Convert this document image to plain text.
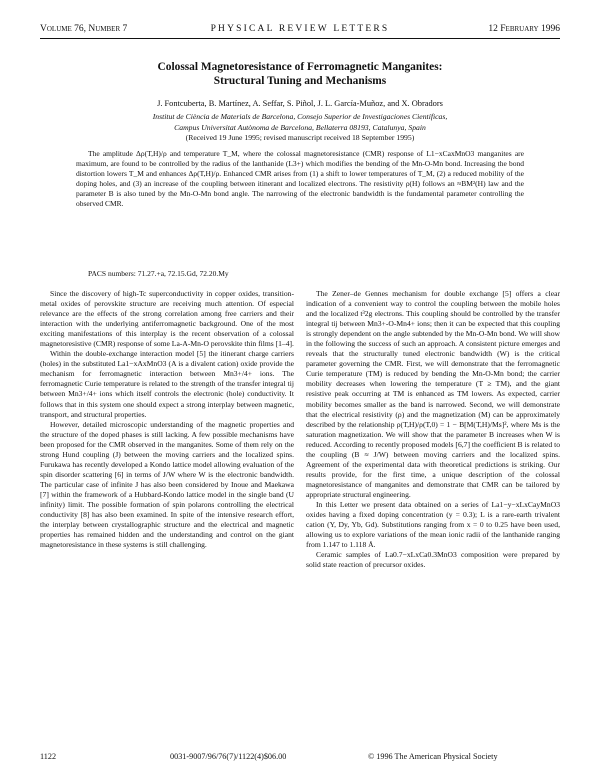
Volume 76, Number 7	PHYSICAL REVIEW LETTERS	12 February 1996
Colossal Magnetoresistance of Ferromagnetic Manganites:
Structural Tuning and Mechanisms
J. Fontcuberta, B. Martínez, A. Seffar, S. Piñol, J. L. García-Muñoz, and X. Obradors
Institut de Ciència de Materials de Barcelona, Consejo Superior de Investigaciones Científicas,
Campus Universitat Autònoma de Barcelona, Bellaterra 08193, Catalunya, Spain
(Received 19 June 1995; revised manuscript received 18 September 1995)
The amplitude Δρ(T,H)/ρ and temperature T_M, where the colossal magnetoresistance (CMR) response of L1−xCaxMnO3 manganites are maximum, are found to be controlled by the radius of the lanthanide (L3+) which modifies the bending of the Mn-O-Mn bond. Increasing the bond distortion lowers T_M and enhances Δρ(T,H)/ρ. Enhanced CMR arises from (1) a shift to lower temperatures of T_M, (2) a reduced mobility of the doping holes, and (3) an increase of the coupling between itinerant and localized electrons. The resistivity ρ(H) follows an ≈BM²(H) law and the parameter B is also tuned by the Mn-O-Mn bond angle. The narrowing of the electronic bandwidth is the fundamental parameter controlling the observed CMR.
PACS numbers: 71.27.+a, 72.15.Gd, 72.20.My

Since the discovery of high-Tc superconductivity in copper oxides, transition-metal oxides of perovskite structure are receiving much attention. Of especial relevance are the effects of the strong correlation among free carriers and their interaction with the underlying antiferromagnetic background. One of the most exciting manifestations of this interplay is the recent observation of a colossal magnetoresistive (CMR) response of some La-A-Mn-O perovskite thin films [1–4].

Within the double-exchange interaction model [5] the itinerant charge carriers (holes) in the substituted La1−xAxMnO3 (A is a divalent cation) oxide provide the mechanism for ferromagnetic interaction between Mn3+/4+ ions. The ferromagnetic Curie temperature is related to the strength of the transfer integral tij between Mn3+/4+ ions which itself controls the electronic (hole) conductivity. It follows that in this system one should expect a strong interplay between magnetic, transport, and structural properties.

However, detailed microscopic understanding of the magnetic properties and the structure of the doped phases is still lacking. A few possible mechanisms have been proposed for the CMR observed in the manganites. Some of them rely on the strong Hund coupling (J) between the moving carriers and the localized spins. Furukawa has recently developed a Kondo lattice model allowing evaluation of the spin disorder scattering [6] in terms of J/W where W is the electronic bandwidth. The particular case of infinite J has also been considered by Inoue and Maekawa [7] within the framework of a Hubbard-Kondo lattice model in the single band (U infinity) limit. The possible formation of spin polarons controlling the electrical conductivity [8] has also been examined. In spite of the intensive research effort, the interplay between crystallographic structure and the electrical and magnetic properties has remained hidden and the understanding and control on the giant magnetoresistance in these systems is still challenging.

The Zener–de Gennes mechanism for double exchange [5] offers a clear indication of a convenient way to control the coupling between the mobile holes and the localized t³2g electrons. This coupling should be controlled by the transfer integral tij between Mn3+-O-Mn4+ ions; then it can be expected that this coupling is strongly dependent on the angle subtended by the Mn-O-Mn bond. We will show in the following the success of such an approach. A consistent picture emerges and reveals that the structurally tuned electronic bandwidth (W) is the critical parameter governing the CMR. First, we will demonstrate that the ferromagnetic Curie temperature (TM) is reduced by bending the Mn-O-Mn bond; the carrier mobility decreases when lowering the temperature (T ≥ TM), and the giant resistive peak occurring at TM is enhanced as TM lowers. As expected, carrier mobility becomes smaller as the band is narrowed. Second, we will demonstrate that the electrical resistivity (ρ) and the magnetization (M) can be approximately described by the relationship ρ(T,H)/ρ(T,0) = 1 − B[M(T,H)/Ms]², where Ms is the saturation magnetization. We will show that the parameter B increases when W is reduced. According to recently proposed models [6,7] the coefficient B is related to the coupling (B ≈ J/W) between moving carriers and the localized spins. Agreement of the experimental data with theoretical predictions is striking. Our results provide, for the first time, a unique description of the colossal magnetoresistance of manganites and demonstrate that CMR can be tailored by appropriate structural engineering.

In this Letter we present data obtained on a series of La1−y−xLxCayMnO3 oxides having a fixed doping concentration (y = 0.3); L is a rare-earth trivalent cation (Y, Dy, Yb, Gd). Substitutions ranging from x = 0 to 0.25 have been used, allowing us to explore variations of the mean ionic radii of the lanthanide ranging from 1.147 to 1.118 Å.

Ceramic samples of La0.7−xLxCa0.3MnO3 composition were prepared by solid state reaction of precursor oxides.

1122	0031-9007/96/76(7)/1122(4)$06.00	© 1996 The American Physical Society
